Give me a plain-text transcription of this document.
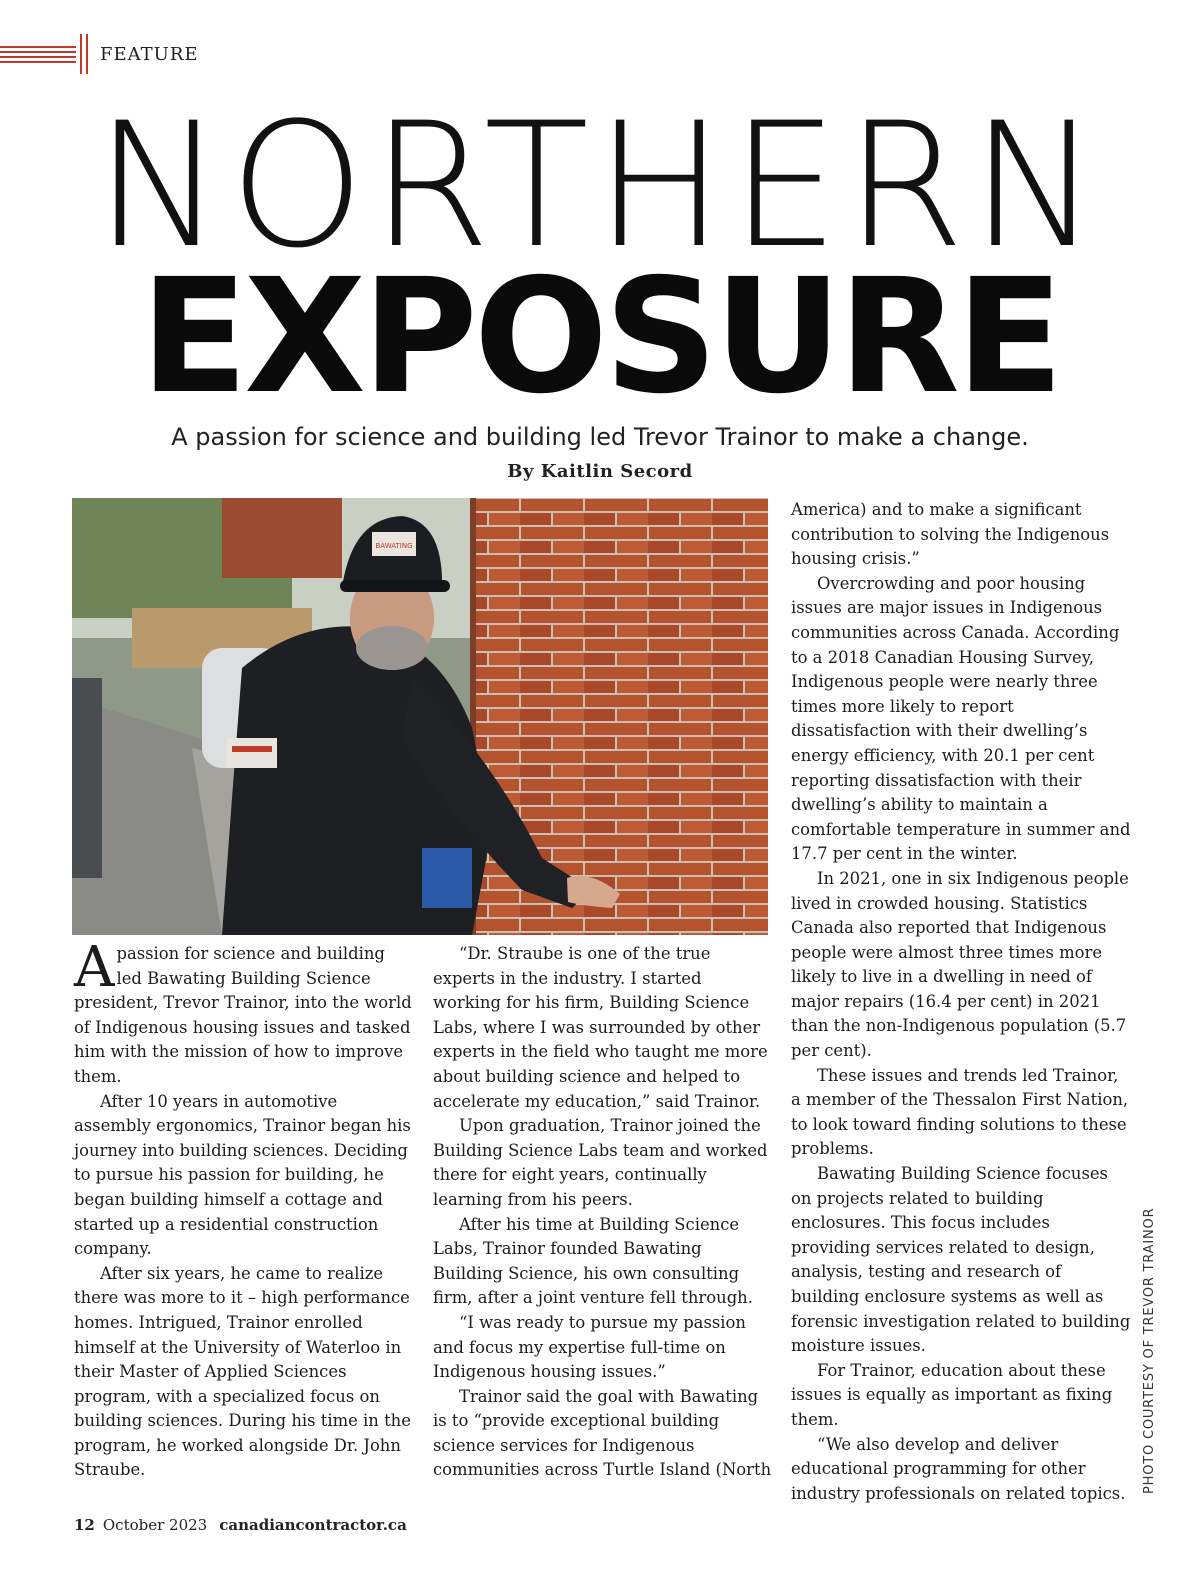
FEATURE
NORTHERN
EXPOSURE
A passion for science and building led Trevor Trainor to make a change.
By Kaitlin Secord
BAWATING

A passion for science and building led Bawating Building Science president, Trevor Trainor, into the world of Indigenous housing issues and tasked him with the mission of how to improve them.

After 10 years in automotive assembly ergonomics, Trainor began his journey into building sciences. Deciding to pursue his passion for building, he began building himself a cottage and started up a residential construction company.

After six years, he came to realize there was more to it – high performance homes. Intrigued, Trainor enrolled himself at the University of Waterloo in their Master of Applied Sciences program, with a specialized focus on building sciences. During his time in the program, he worked alongside Dr. John Straube.

“Dr. Straube is one of the true experts in the industry. I started working for his firm, Building Science Labs, where I was surrounded by other experts in the field who taught me more about building science and helped to accelerate my education,” said Trainor.

Upon graduation, Trainor joined the Building Science Labs team and worked there for eight years, continually learning from his peers.

After his time at Building Science Labs, Trainor founded Bawating Building Science, his own consulting firm, after a joint venture fell through.

“I was ready to pursue my passion and focus my expertise full-time on Indigenous housing issues.”

Trainor said the goal with Bawating is to “provide exceptional building science services for Indigenous communities across Turtle Island (North

America) and to make a significant contribution to solving the Indigenous housing crisis.”

Overcrowding and poor housing issues are major issues in Indigenous communities across Canada. According to a 2018 Canadian Housing Survey, Indigenous people were nearly three times more likely to report dissatisfaction with their dwelling’s energy efficiency, with 20.1 per cent reporting dissatisfaction with their dwelling’s ability to maintain a comfortable temperature in summer and 17.7 per cent in the winter.

In 2021, one in six Indigenous people lived in crowded housing. Statistics Canada also reported that Indigenous people were almost three times more likely to live in a dwelling in need of major repairs (16.4 per cent) in 2021 than the non-Indigenous population (5.7 per cent).

These issues and trends led Trainor, a member of the Thessalon First Nation, to look toward finding solutions to these problems.

Bawating Building Science focuses on projects related to building enclosures. This focus includes providing services related to design, analysis, testing and research of building enclosure systems as well as forensic investigation related to building moisture issues.

For Trainor, education about these issues is equally as important as fixing them.

“We also develop and deliver educational programming for other industry professionals on related topics.	PHOTO COURTESY OF TREVOR TRAINOR
12 October 2023 canadiancontractor.ca
